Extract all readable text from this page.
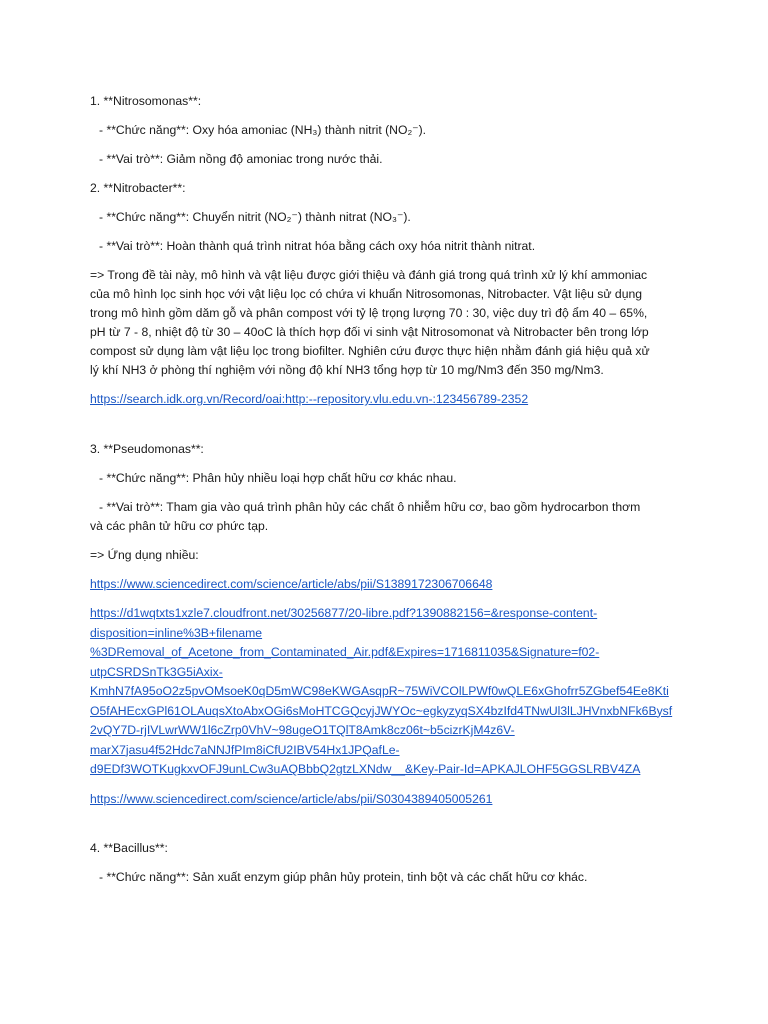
1. **Nitrosomonas**:

- **Chức năng**: Oxy hóa amoniac (NH₃) thành nitrit (NO₂⁻).

- **Vai trò**: Giảm nồng độ amoniac trong nước thải.

2. **Nitrobacter**:

- **Chức năng**: Chuyển nitrit (NO₂⁻) thành nitrat (NO₃⁻).

- **Vai trò**: Hoàn thành quá trình nitrat hóa bằng cách oxy hóa nitrit thành nitrat.

=> Trong đề tài này, mô hình và vật liệu được giới thiệu và đánh giá trong quá trình xử lý khí ammoniac
của mô hình lọc sinh học với vật liệu lọc có chứa vi khuẩn Nitrosomonas, Nitrobacter. Vật liệu sử dụng
trong mô hình gồm dăm gỗ và phân compost với tỷ lệ trọng lượng 70 : 30, việc duy trì độ ẩm 40 – 65%,
pH từ 7 - 8, nhiệt độ từ 30 – 40oC là thích hợp đối vi sinh vật Nitrosomonat và Nitrobacter bên trong lớp
compost sử dụng làm vật liệu lọc trong biofilter. Nghiên cứu được thực hiện nhằm đánh giá hiệu quả xử
lý khí NH3 ở phòng thí nghiệm với nồng độ khí NH3 tổng hợp từ 10 mg/Nm3 đến 350 mg/Nm3.

https://search.idk.org.vn/Record/oai:http:--repository.vlu.edu.vn-:123456789-2352

3. **Pseudomonas**:

- **Chức năng**: Phân hủy nhiều loại hợp chất hữu cơ khác nhau.

- **Vai trò**: Tham gia vào quá trình phân hủy các chất ô nhiễm hữu cơ, bao gồm hydrocarbon thơm
và các phân tử hữu cơ phức tạp.

=> Ứng dụng nhiều:

https://www.sciencedirect.com/science/article/abs/pii/S1389172306706648

https://d1wqtxts1xzle7.cloudfront.net/30256877/20-libre.pdf?1390882156=&response-content-
disposition=inline%3B+filename
%3DRemoval_of_Acetone_from_Contaminated_Air.pdf&Expires=1716811035&Signature=f02-
utpCSRDSnTk3G5iAxix-
KmhN7fA95oO2z5pvOMsoeK0qD5mWC98eKWGAsqpR~75WiVCOlLPWf0wQLE6xGhofrr5ZGbef54Ee8Kti
O5fAHEcxGPl61OLAuqsXtoAbxOGi6sMoHTCGQcyjJWYOc~egkyzyqSX4bzIfd4TNwUl3lLJHVnxbNFk6Bysf
2vQY7D-rjIVLwrWW1l6cZrp0VhV~98ugeO1TQlT8Amk8cz06t~b5cizrKjM4z6V-
marX7jasu4f52Hdc7aNNJfPIm8iCfU2IBV54Hx1JPQafLe-
d9EDf3WOTKugkxvOFJ9unLCw3uAQBbbQ2gtzLXNdw__&Key-Pair-Id=APKAJLOHF5GGSLRBV4ZA

https://www.sciencedirect.com/science/article/abs/pii/S0304389405005261

4. **Bacillus**:

- **Chức năng**: Sản xuất enzym giúp phân hủy protein, tinh bột và các chất hữu cơ khác.
